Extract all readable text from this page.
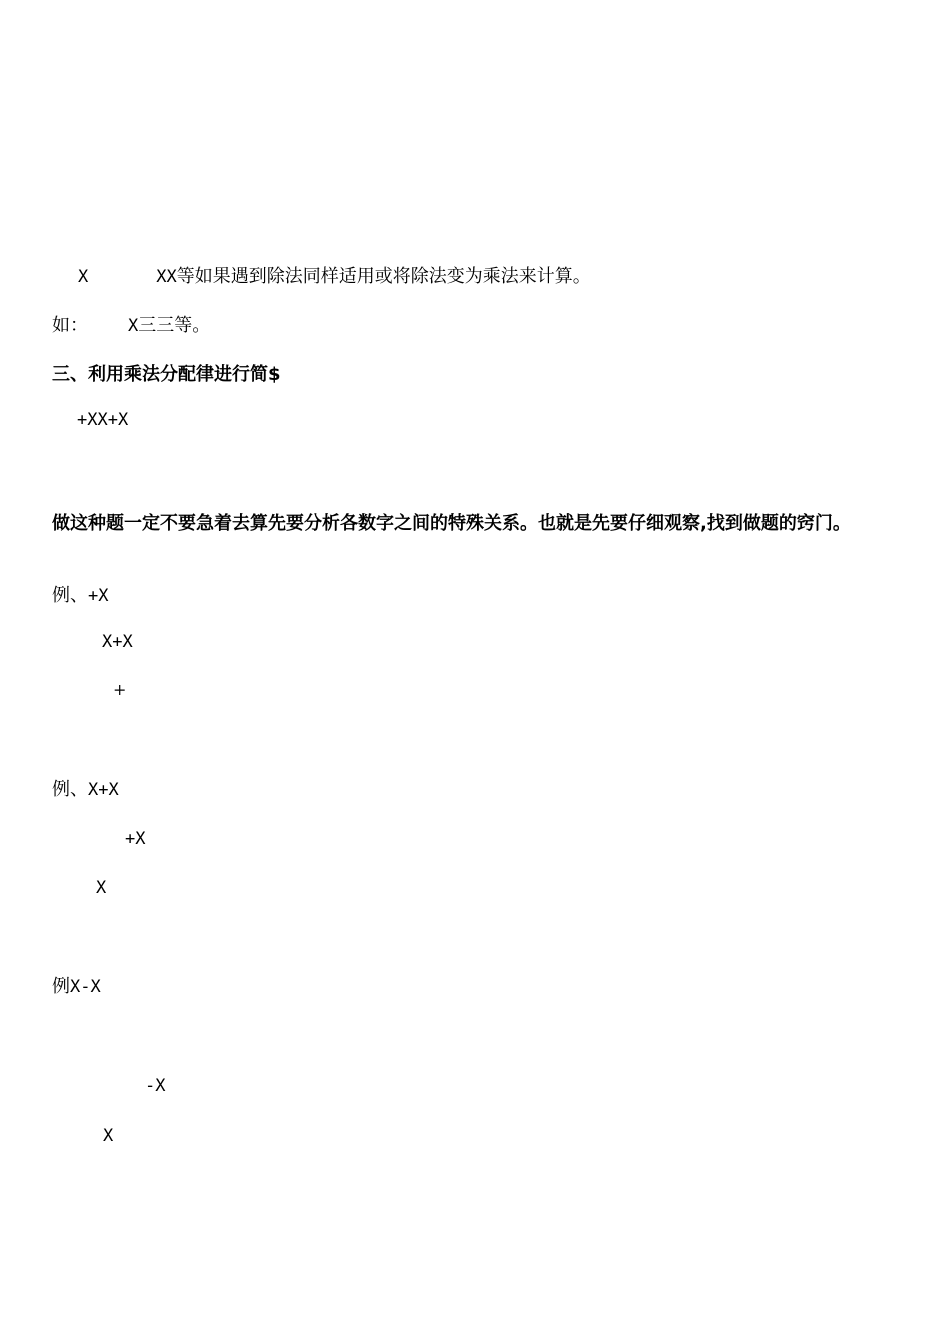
X	XX等如果遇到除法同样适用或将除法变为乘法来计算。
如： X三三等。
三、利用乘法分配律进行简$
+XX+X
做这种题一定不要急着去算先要分析各数字之间的特殊关系。也就是先要仔细观察,找到做题的窍门。
例、+X
X+X
+
例、X+X
+X
X
例X-X
-X
X
